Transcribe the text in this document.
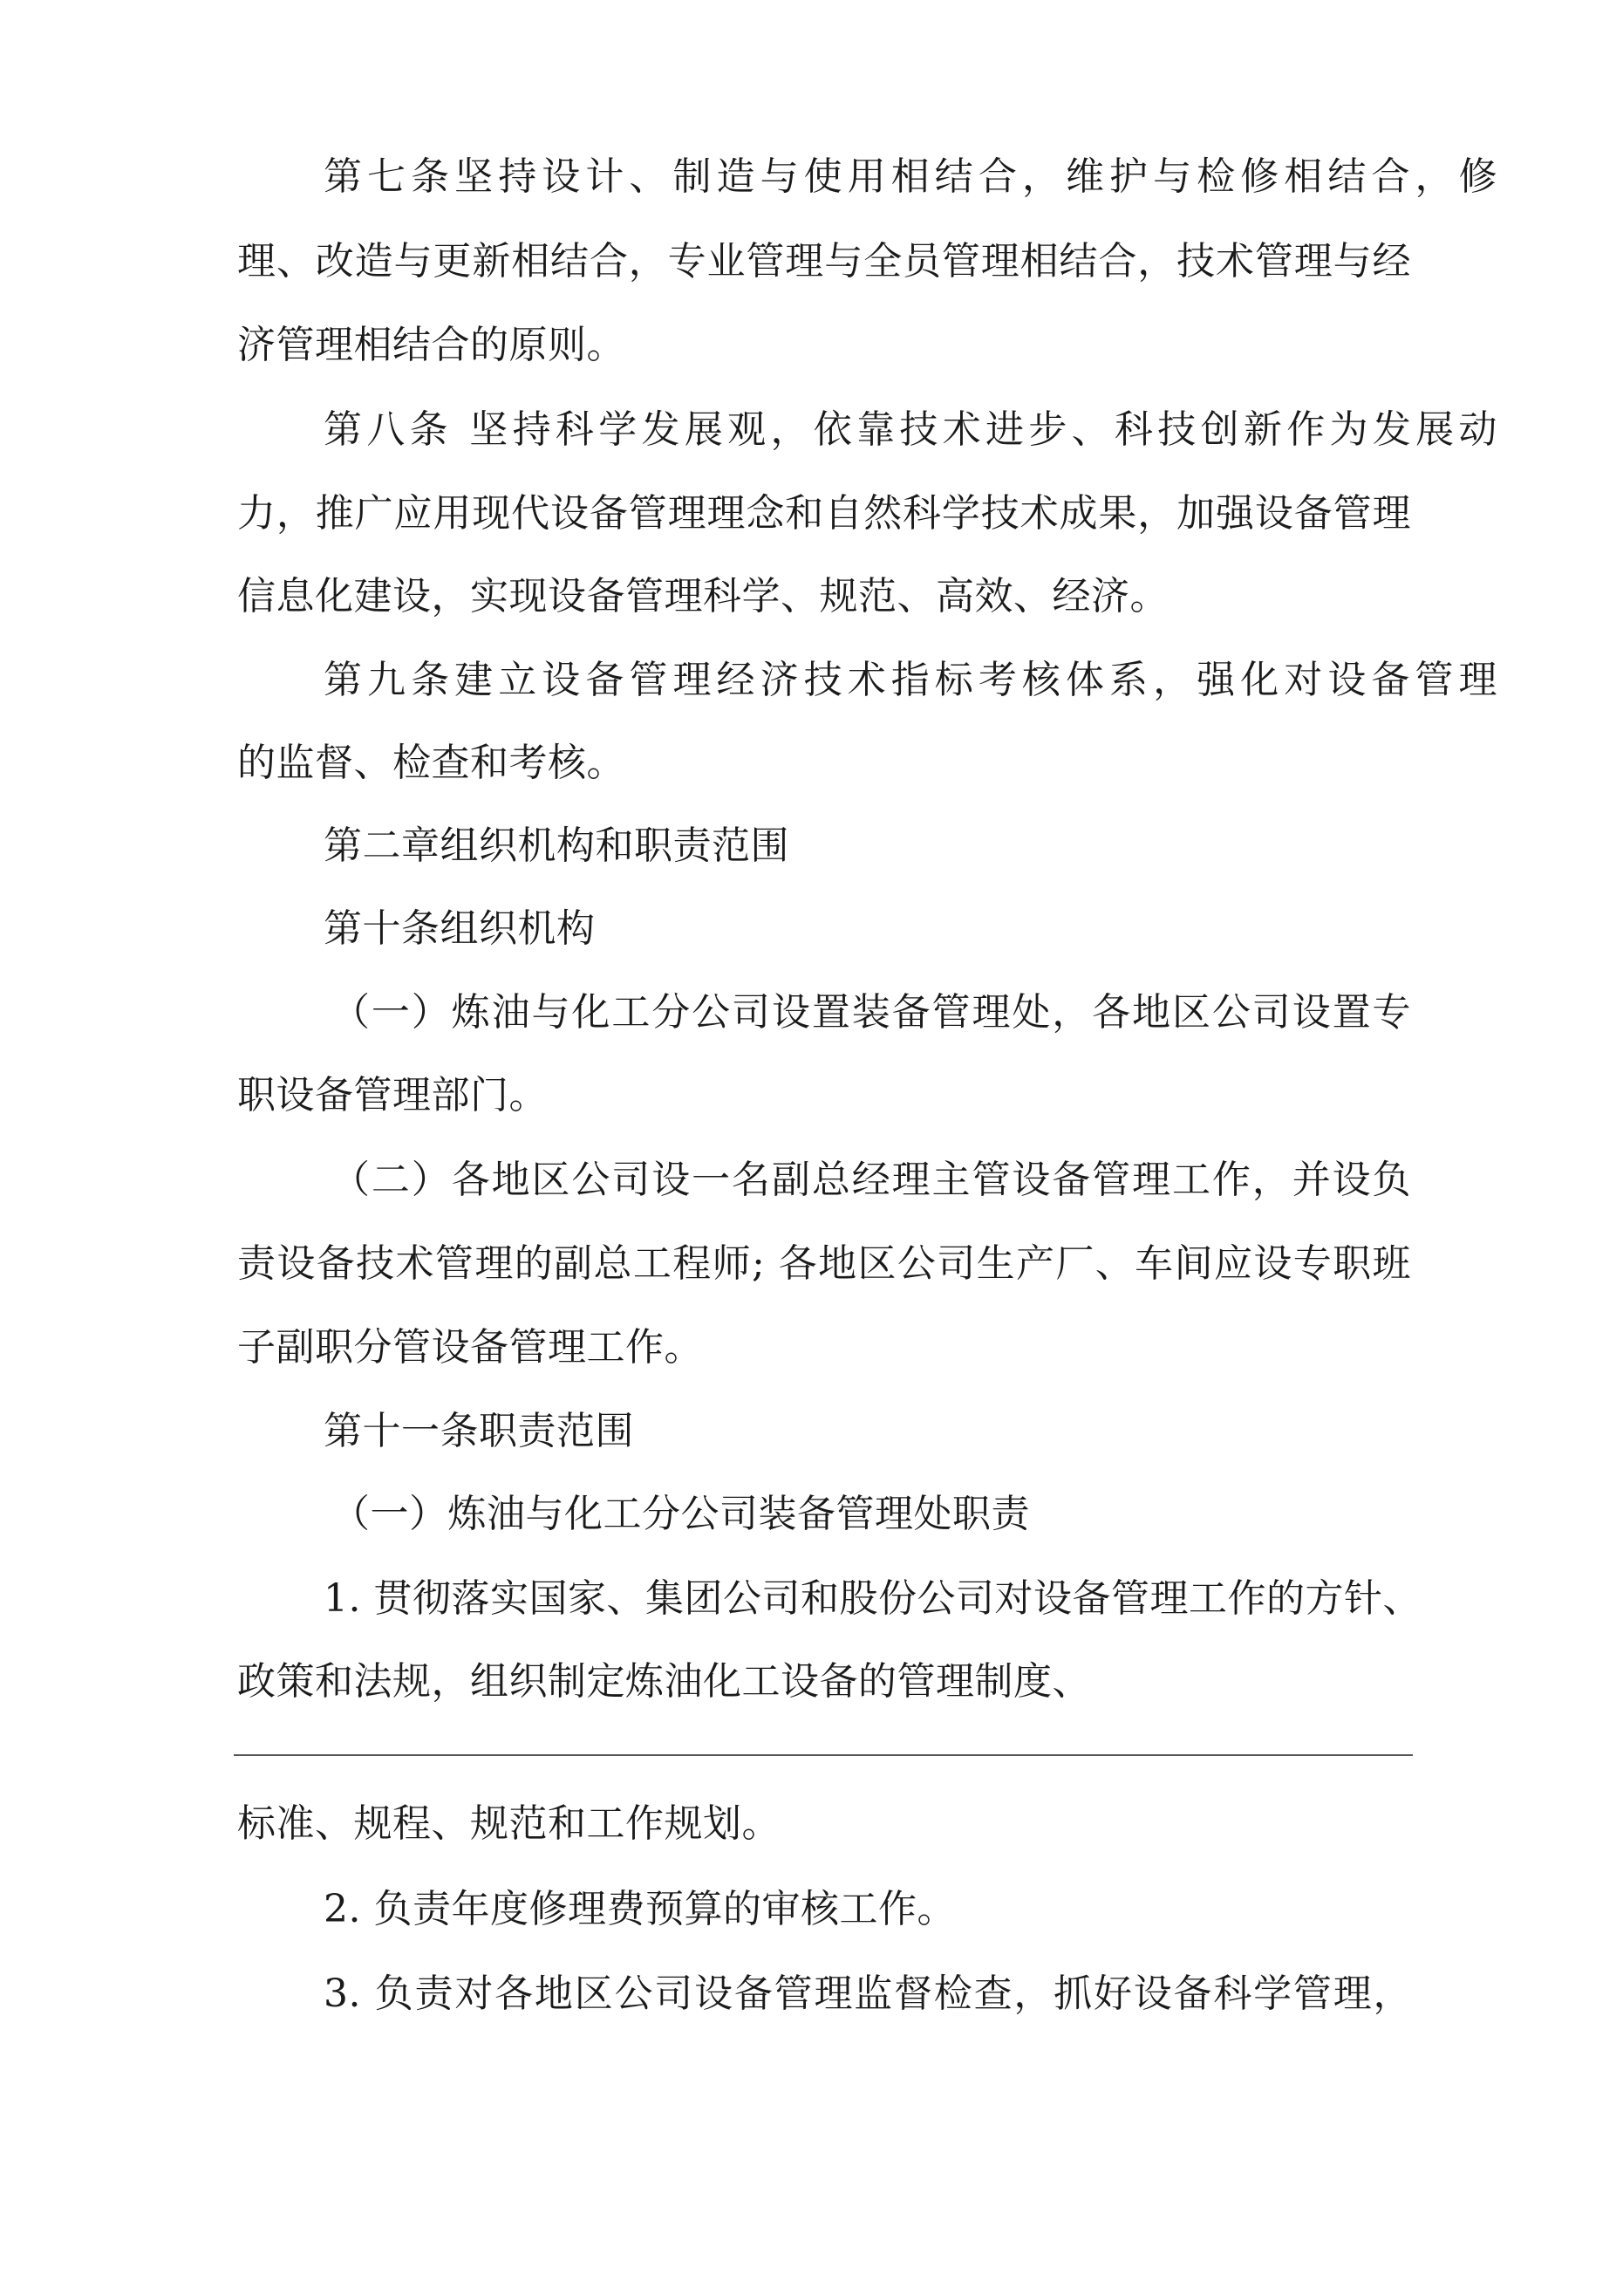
第七条坚持设计、制造与使用相结合，维护与检修相结合，修
理、改造与更新相结合，专业管理与全员管理相结合，技术管理与经
济管理相结合的原则。
第八条 坚持科学发展观，依靠技术进步、科技创新作为发展动
力，推广应用现代设备管理理念和自然科学技术成果，加强设备管理
信息化建设，实现设备管理科学、规范、高效、经济。
第九条建立设备管理经济技术指标考核体系，强化对设备管理
的监督、检查和考核。
第二章组织机构和职责范围
第十条组织机构
（一）炼油与化工分公司设置装备管理处，各地区公司设置专
职设备管理部门。
（二）各地区公司设一名副总经理主管设备管理工作，并设负
责设备技术管理的副总工程师; 各地区公司生产厂、车间应设专职班
子副职分管设备管理工作。
第十一条职责范围
（一）炼油与化工分公司装备管理处职责
1. 贯彻落实国家、集团公司和股份公司对设备管理工作的方针、
政策和法规，组织制定炼油化工设备的管理制度、
标准、规程、规范和工作规划。
2. 负责年度修理费预算的审核工作。
3. 负责对各地区公司设备管理监督检查，抓好设备科学管理，
